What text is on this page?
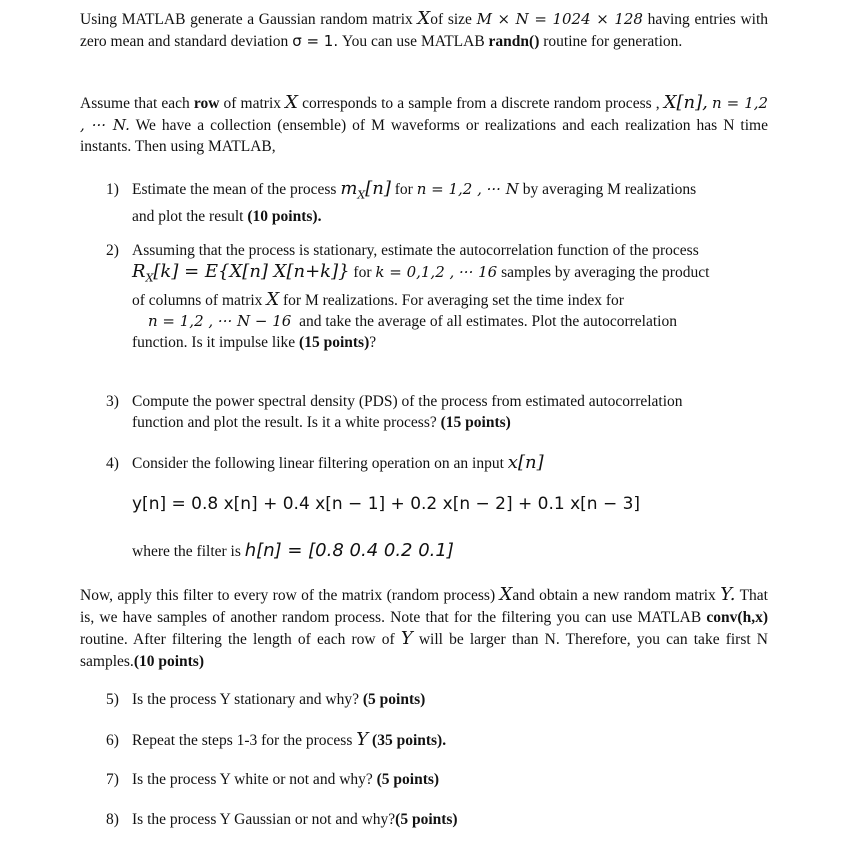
Using MATLAB generate a Gaussian random matrix Xof size M × N = 1024 × 128 having entries with zero mean and standard deviation σ = 1. You can use MATLAB randn() routine for generation.
Assume that each row of matrix X corresponds to a sample from a discrete random process , X[n], n = 1,2 , ··· N. We have a collection (ensemble) of M waveforms or realizations and each realization has N time instants. Then using MATLAB,
1) Estimate the mean of the process $m_X[n]$ for n = 1,2 , ··· N by averaging M realizations
and plot the result (10 points).
2) Assuming that the process is stationary, estimate the autocorrelation function of the process
$R_X[k] = E\{X[n]$ X[n+k]} for k = 0,1,2 , ··· 16 samples by averaging the product
of columns of matrix X for M realizations. For averaging set the time index for
n = 1,2 , ··· N − 16 and take the average of all estimates. Plot the autocorrelation
function. Is it impulse like (15 points)?
3) Compute the power spectral density (PDS) of the process from estimated autocorrelation
function and plot the result. Is it a white process? (15 points)
4) Consider the following linear filtering operation on an input x[n]
y[n] = 0.8 x[n] + 0.4 x[n − 1] + 0.2 x[n − 2] + 0.1 x[n − 3]
where the filter is h[n] = [0.8 0.4 0.2 0.1]
Now, apply this filter to every row of the matrix (random process) Xand obtain a new random matrix Y. That is, we have samples of another random process. Note that for the filtering you can use MATLAB conv(h,x) routine. After filtering the length of each row of Y will be larger than N. Therefore, you can take first N samples.(10 points)
5) Is the process Y stationary and why? (5 points)
6) Repeat the steps 1-3 for the process Y (35 points).
7) Is the process Y white or not and why? (5 points)
8) Is the process Y Gaussian or not and why?(5 points)
